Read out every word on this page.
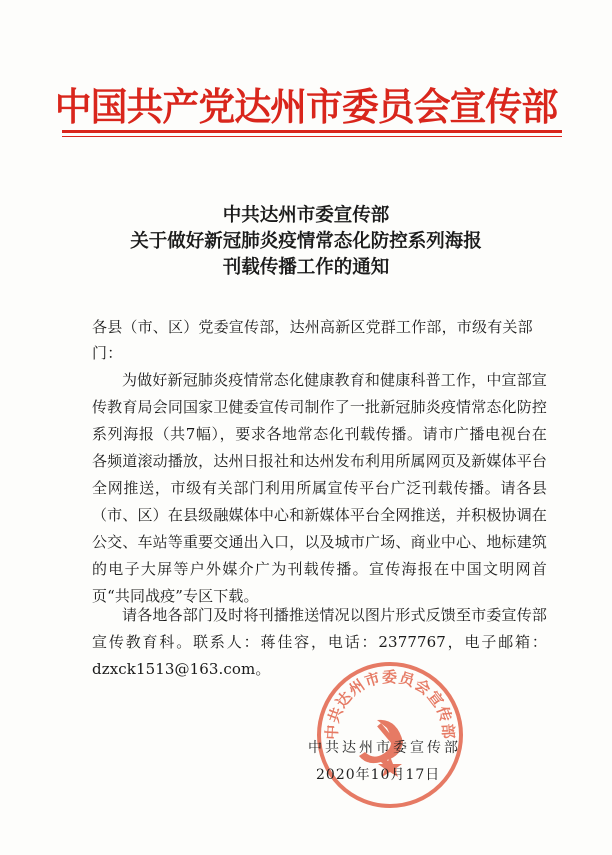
中国共产党达州市委员会宣传部
中共达州市委宣传部
关于做好新冠肺炎疫情常态化防控系列海报
刊载传播工作的通知
各县（市、区）党委宣传部，达州高新区党群工作部，市级有关部门：
为做好新冠肺炎疫情常态化健康教育和健康科普工作，中宣部宣传教育局会同国家卫健委宣传司制作了一批新冠肺炎疫情常态化防控系列海报（共7幅），要求各地常态化刊载传播。请市广播电视台在各频道滚动播放，达州日报社和达州发布利用所属网页及新媒体平台全网推送，市级有关部门利用所属宣传平台广泛刊载传播。请各县（市、区）在县级融媒体中心和新媒体平台全网推送，并积极协调在公交、车站等重要交通出入口，以及城市广场、商业中心、地标建筑的电子大屏等户外媒介广为刊载传播。宣传海报在中国文明网首页“共同战疫”专区下载。
请各地各部门及时将刊播推送情况以图片形式反馈至市委宣传部宣传教育科。联系人：蒋佳容，电话：2377767，电子邮箱：dzxck1513@163.com。
中共达州市委员会宣传部
中共达州市委宣传部
2020年10月17日
